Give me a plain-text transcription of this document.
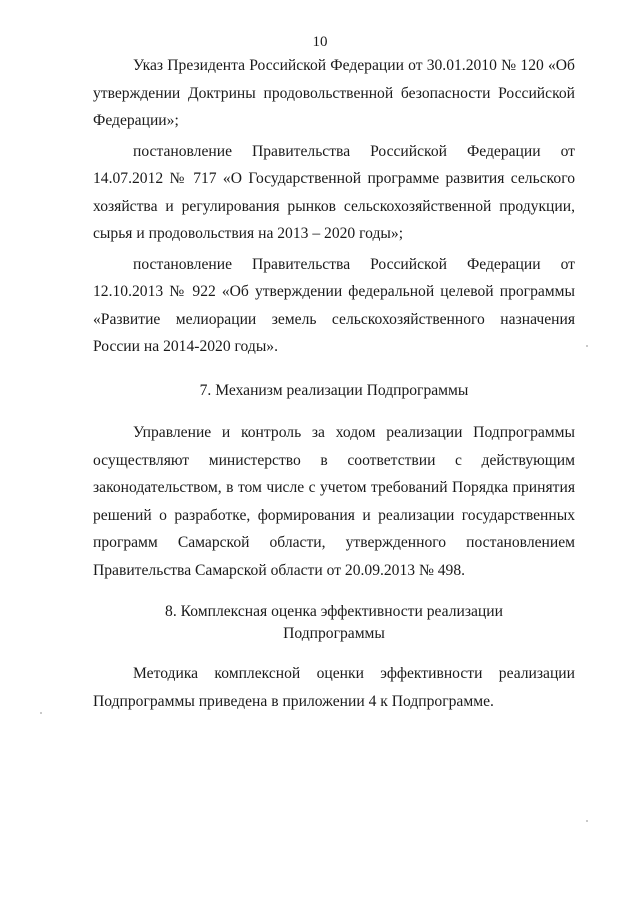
10

Указ Президента Российской Федерации от 30.01.2010 № 120 «Об утверждении Доктрины продовольственной безопасности Российской Федерации»;

постановление Правительства Российской Федерации от 14.07.2012 № 717 «О Государственной программе развития сельского хозяйства и регулирования рынков сельскохозяйственной продукции, сырья и продовольствия на 2013 – 2020 годы»;

постановление Правительства Российской Федерации от 12.10.2013 № 922 «Об утверждении федеральной целевой программы «Развитие мелиорации земель сельскохозяйственного назначения России на 2014-2020 годы».

7. Механизм реализации Подпрограммы

Управление и контроль за ходом реализации Подпрограммы осуществляют министерство в соответствии с действующим законодательством, в том числе с учетом требований Порядка принятия решений о разработке, формирования и реализации государственных программ Самарской области, утвержденного постановлением Правительства Самарской области от 20.09.2013 № 498.

8. Комплексная оценка эффективности реализации
Подпрограммы

Методика комплексной оценки эффективности реализации Подпрограммы приведена в приложении 4 к Подпрограмме.
